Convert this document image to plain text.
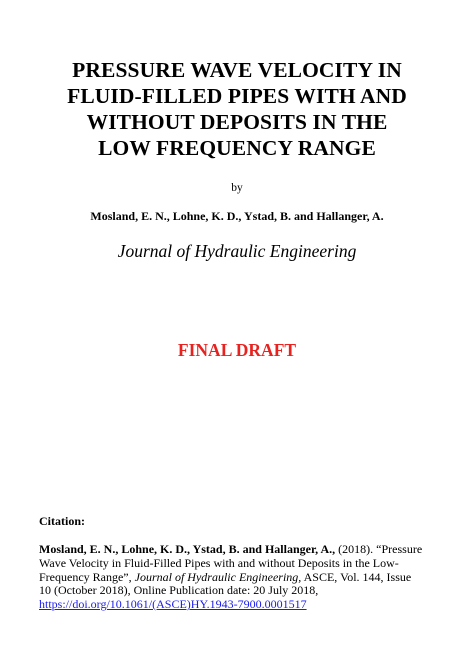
PRESSURE WAVE VELOCITY IN
FLUID-FILLED PIPES WITH AND
WITHOUT DEPOSITS IN THE
LOW FREQUENCY RANGE
by
Mosland, E. N., Lohne, K. D., Ystad, B. and Hallanger, A.
Journal of Hydraulic Engineering
FINAL DRAFT
Citation:
Mosland, E. N., Lohne, K. D., Ystad, B. and Hallanger, A., (2018). “Pressure
Wave Velocity in Fluid-Filled Pipes with and without Deposits in the Low-
Frequency Range”, Journal of Hydraulic Engineering, ASCE, Vol. 144, Issue
10 (October 2018), Online Publication date: 20 July 2018,
https://doi.org/10.1061/(ASCE)HY.1943-7900.0001517
